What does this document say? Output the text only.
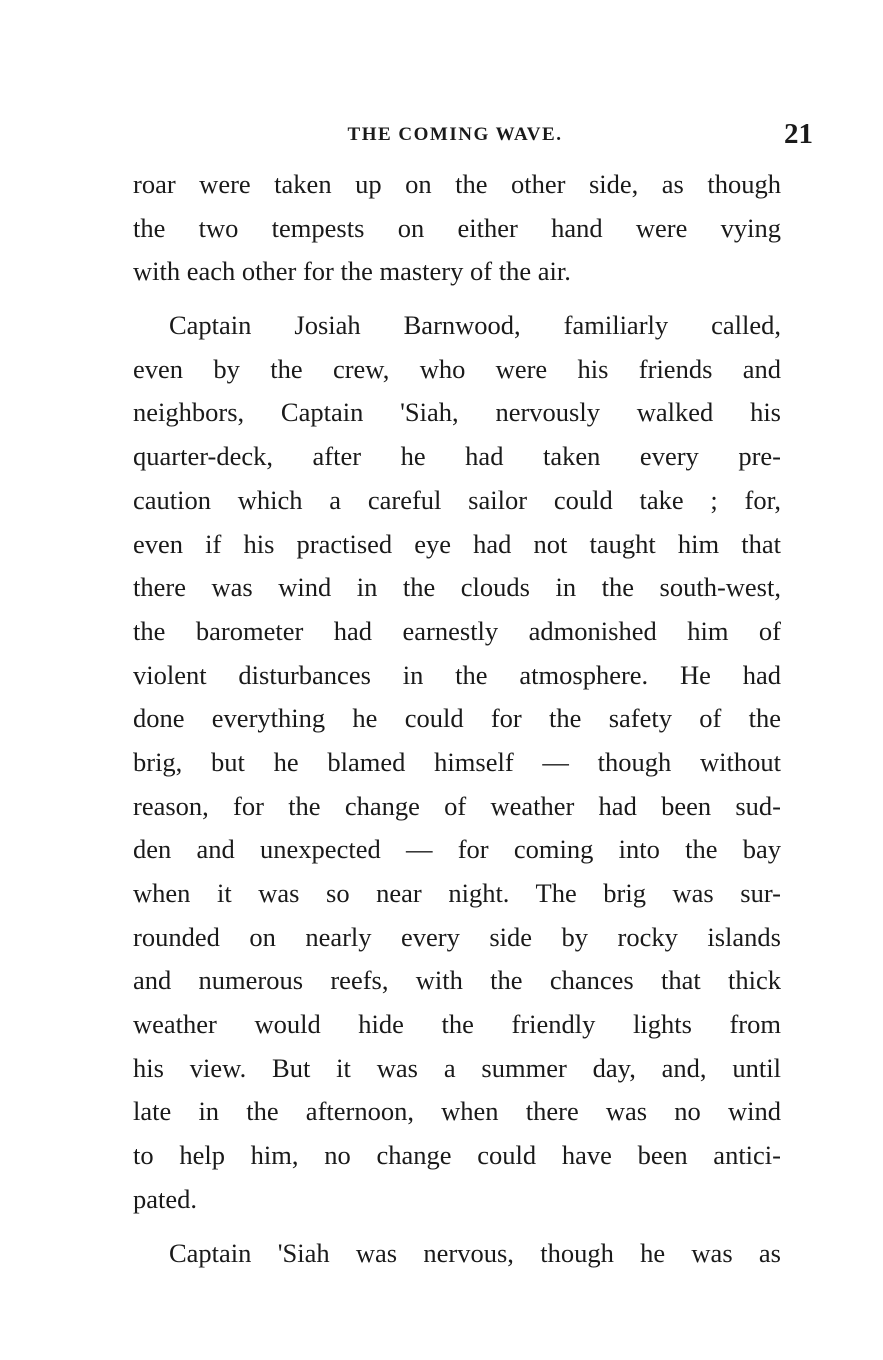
THE COMING WAVE.	21
roar were taken up on the other side, as though
the two tempests on either hand were vying
with each other for the mastery of the air.
Captain Josiah Barnwood, familiarly called,
even by the crew, who were his friends and
neighbors, Captain 'Siah, nervously walked his
quarter-deck, after he had taken every pre-
caution which a careful sailor could take ; for,
even if his practised eye had not taught him that
there was wind in the clouds in the south-west,
the barometer had earnestly admonished him of
violent disturbances in the atmosphere. He had
done everything he could for the safety of the
brig, but he blamed himself — though without
reason, for the change of weather had been sud-
den and unexpected — for coming into the bay
when it was so near night. The brig was sur-
rounded on nearly every side by rocky islands
and numerous reefs, with the chances that thick
weather would hide the friendly lights from
his view. But it was a summer day, and, until
late in the afternoon, when there was no wind
to help him, no change could have been antici-
pated.
Captain 'Siah was nervous, though he was as
